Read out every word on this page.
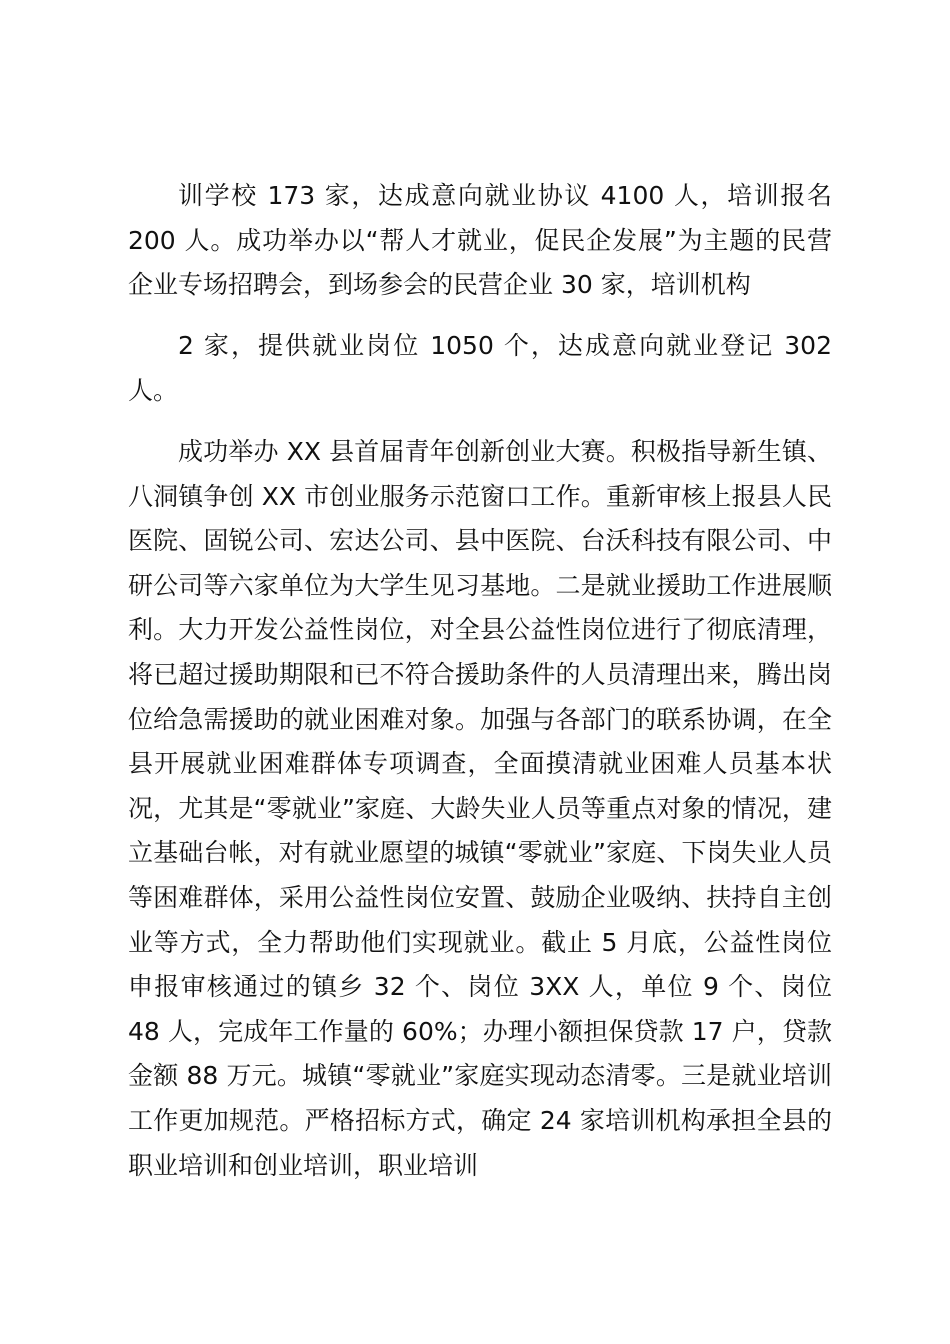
训学校 173 家，达成意向就业协议 4100 人，培训报名 200 人。成功举办以“帮人才就业，促民企发展”为主题的民营企业专场招聘会，到场参会的民营企业 30 家，培训机构

2 家，提供就业岗位 1050 个，达成意向就业登记 302 人。

成功举办 XX 县首届青年创新创业大赛。积极指导新生镇、八洞镇争创 XX 市创业服务示范窗口工作。重新审核上报县人民医院、固锐公司、宏达公司、县中医院、台沃科技有限公司、中研公司等六家单位为大学生见习基地。二是就业援助工作进展顺利。大力开发公益性岗位，对全县公益性岗位进行了彻底清理，将已超过援助期限和已不符合援助条件的人员清理出来，腾出岗位给急需援助的就业困难对象。加强与各部门的联系协调，在全县开展就业困难群体专项调查，全面摸清就业困难人员基本状况，尤其是“零就业”家庭、大龄失业人员等重点对象的情况，建立基础台帐，对有就业愿望的城镇“零就业”家庭、下岗失业人员等困难群体，采用公益性岗位安置、鼓励企业吸纳、扶持自主创业等方式，全力帮助他们实现就业。截止 5 月底，公益性岗位申报审核通过的镇乡 32 个、岗位 3XX 人，单位 9 个、岗位 48 人，完成年工作量的 60%；办理小额担保贷款 17 户，贷款金额 88 万元。城镇“零就业”家庭实现动态清零。三是就业培训工作更加规范。严格招标方式，确定 24 家培训机构承担全县的职业培训和创业培训，职业培训
